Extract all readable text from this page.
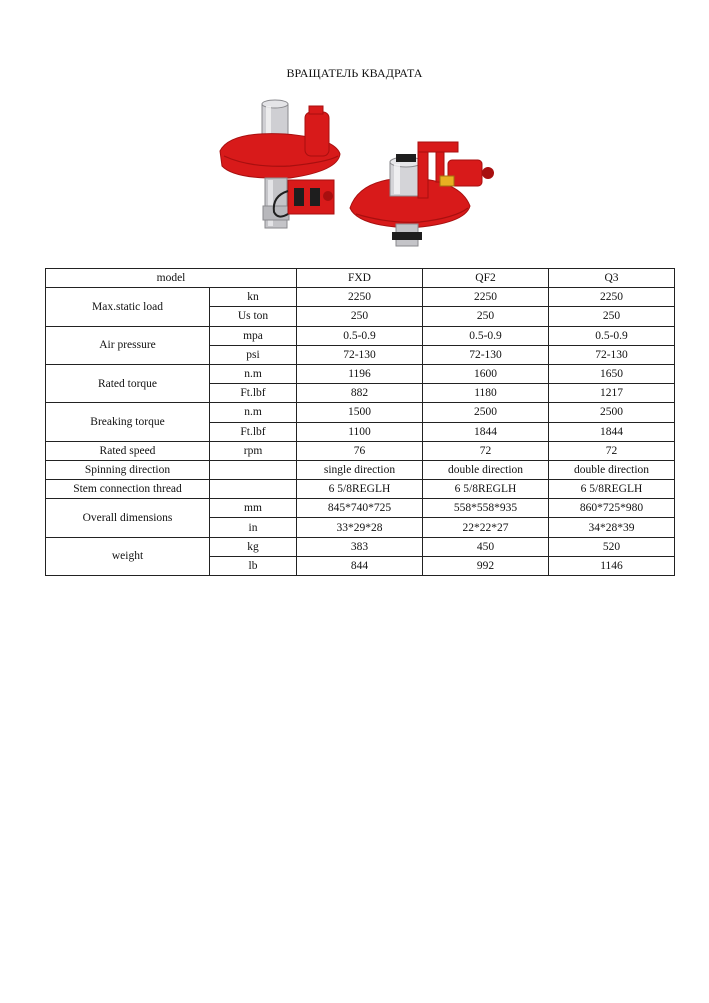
ВРАЩАТЕЛЬ КВАДРАТА
model		FXD	QF2	Q3
Max.static load	kn	2250	2250	2250
	Us ton	250	250	250
Air pressure	mpa	0.5-0.9	0.5-0.9	0.5-0.9
	psi	72-130	72-130	72-130
Rated torque	n.m	1196	1600	1650
	Ft.lbf	882	1180	1217
Breaking torque	n.m	1500	2500	2500
	Ft.lbf	1100	1844	1844
Rated speed	rpm	76	72	72
Spinning direction		single direction	double direction	double direction
Stem connection thread		6 5/8REGLH	6 5/8REGLH	6 5/8REGLH
Overall dimensions	mm	845*740*725	558*558*935	860*725*980
	in	33*29*28	22*22*27	34*28*39
weight	kg	383	450	520
	lb	844	992	1146
